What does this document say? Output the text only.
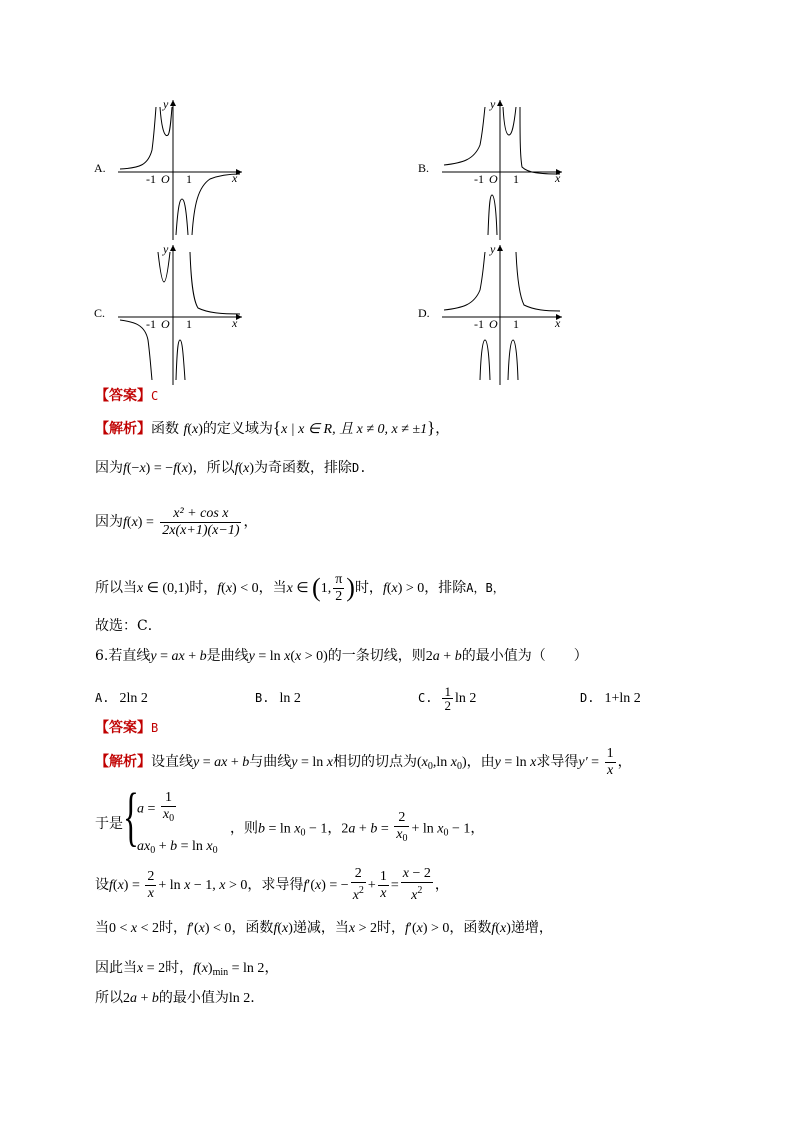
A.
y
x
-1 O 1
B.
y
x
-1 O 1
C.
y
x
-1 O 1
D.
y
x
-1 O 1
【答案】C
【解析】函数 f(x)的定义域为{x | x ∈ R, 且 x ≠ 0, x ≠ ±1}，
因为f(−x) = −f(x)，所以f(x)为奇函数，排除D.
因为$f(x) = \frac{\text{x² + cos x}}{2x(x+1)(x-1)}$ ，
所以当x ∈ (0,1)时，f(x) < 0，当x ∈ (1, $\frac{\pi}{2}$ )时，f(x) > 0，排除A，B，
故选：C．
6.若直线y = ax + b是曲线y = ln x(x > 0)的一条切线，则2a + b的最小值为（　　）
A. 2ln 2	B. ln 2	C. $\frac{1}{2}$ ln 2	D. 1+ln 2
【答案】B
【解析】设直线y = ax + b与曲线y = ln x相切的切点为($x_0,\ln$ $x_0$)，由y = ln x求导得$y' = \frac{1}{x}$ ，
于是 {
$a = \frac{1}{x_0}$
$ax_0 + b = \ln x_0$
，则$b = \ln x_0 - 1$，$2a + b = \frac{2}{x_0} + \ln x_0 - 1$，
设$f(x) = \frac{2}{x} + \ln x - 1$, x > 0，求导得f′(x) = − $\frac{2}{x^2} + \frac{1}{x} = \frac{x - 2}{x^2}$ ，
当0 < x < 2时，f′(x) < 0，函数f(x)递减，当x > 2时，f′(x) > 0，函数f(x)递增，
因此当x = 2时，$f(x)_{min} = \ln 2$，
所以2a + b的最小值为ln 2.
